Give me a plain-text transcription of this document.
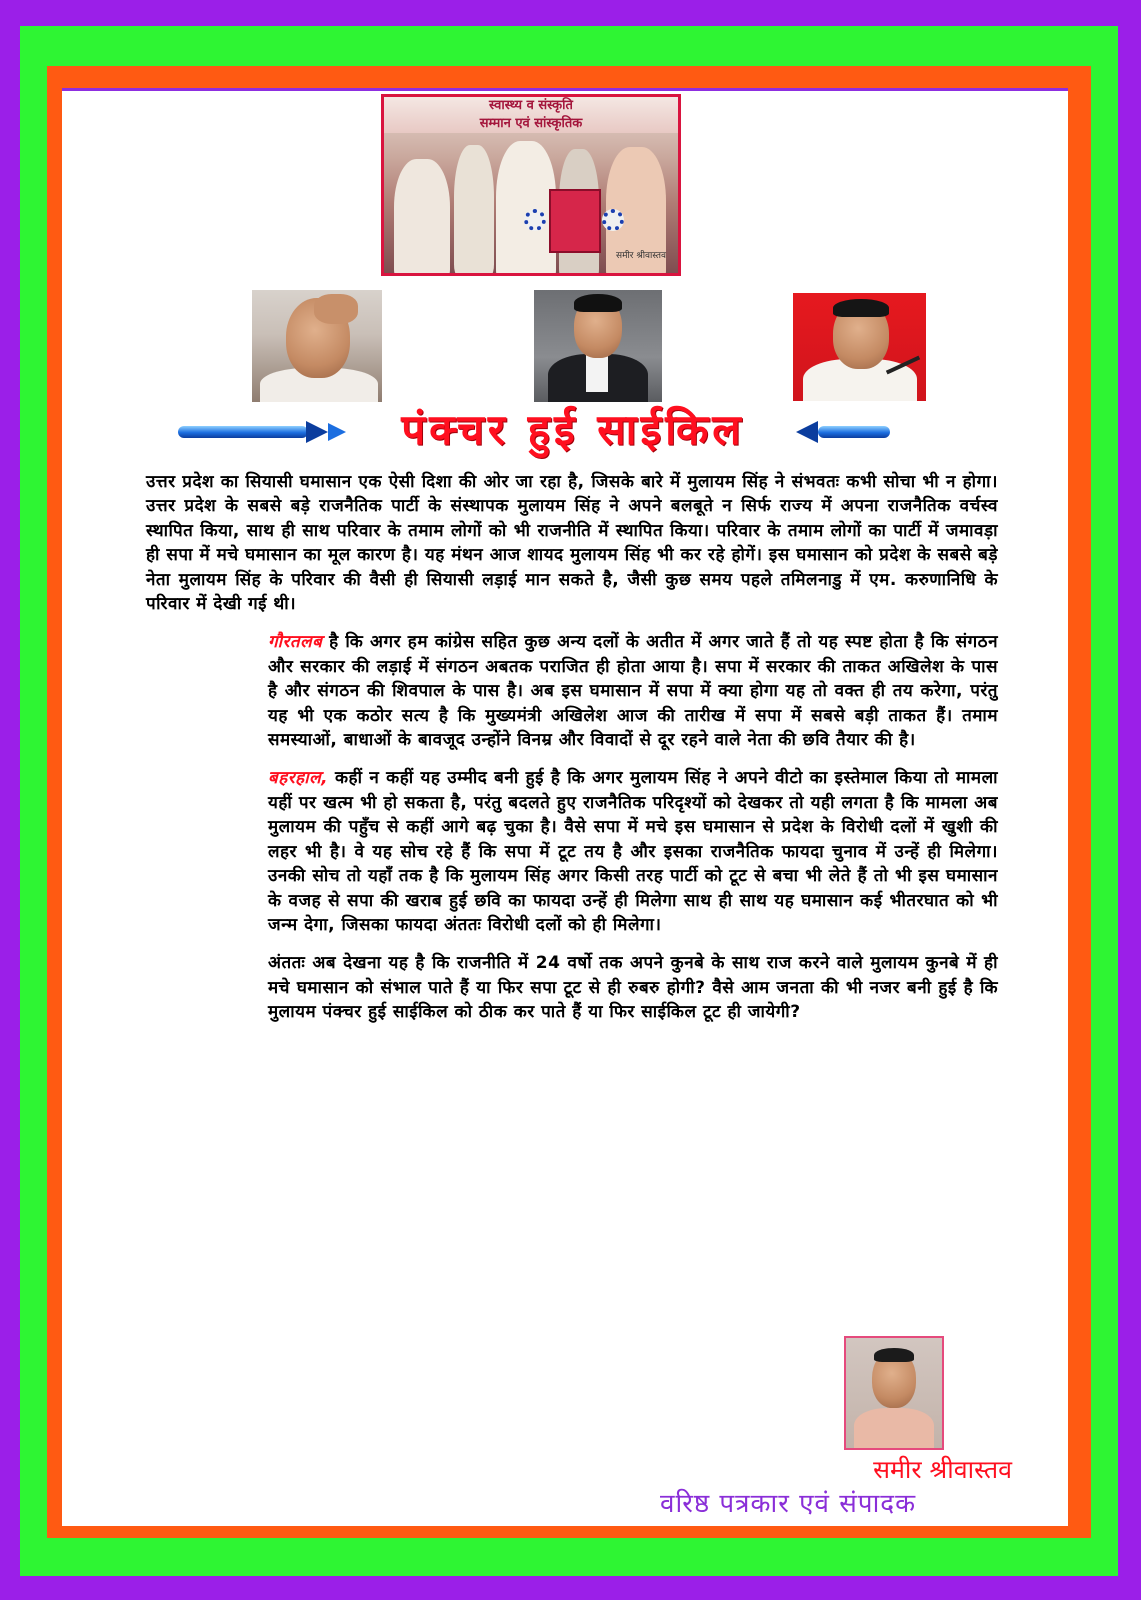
स्वास्थ्य व संस्कृति
सम्मान एवं सांस्कृतिक
समीर श्रीवास्तव
पंक्चर हुई साईकिल

उत्तर प्रदेश का सियासी घमासान एक ऐसी दिशा की ओर जा रहा है, जिसके बारे में मुलायम सिंह ने संभवतः कभी सोचा भी न होगा। उत्तर प्रदेश के सबसे बड़े राजनैतिक पार्टी के संस्थापक मुलायम सिंह ने अपने बलबूते न सिर्फ राज्य में अपना राजनैतिक वर्चस्व स्थापित किया, साथ ही साथ परिवार के तमाम लोगों को भी राजनीति में स्थापित किया। परिवार के तमाम लोगों का पार्टी में जमावड़ा ही सपा में मचे घमासान का मूल कारण है। यह मंथन आज शायद मुलायम सिंह भी कर रहे होगें। इस घमासान को प्रदेश के सबसे बड़े नेता मुलायम सिंह के परिवार की वैसी ही सियासी लड़ाई मान सकते है, जैसी कुछ समय पहले तमिलनाडु में एम. करुणानिधि के परिवार में देखी गई थी।

गौरतलब है कि अगर हम कांग्रेस सहित कुछ अन्य दलों के अतीत में अगर जाते हैं तो यह स्पष्ट होता है कि संगठन और सरकार की लड़ाई में संगठन अबतक पराजित ही होता आया है। सपा में सरकार की ताकत अखिलेश के पास है और संगठन की शिवपाल के पास है। अब इस घमासान में सपा में क्या होगा यह तो वक्त ही तय करेगा, परंतु यह भी एक कठोर सत्य है कि मुख्यमंत्री अखिलेश आज की तारीख में सपा में सबसे बड़ी ताकत हैं। तमाम समस्याओं, बाधाओं के बावजूद उन्होंने विनम्र और विवादों से दूर रहने वाले नेता की छवि तैयार की है।

बहरहाल, कहीं न कहीं यह उम्मीद बनी हुई है कि अगर मुलायम सिंह ने अपने वीटो का इस्तेमाल किया तो मामला यहीं पर खत्म भी हो सकता है, परंतु बदलते हुए राजनैतिक परिदृश्यों को देखकर तो यही लगता है कि मामला अब मुलायम की पहुँच से कहीं आगे बढ़ चुका है। वैसे सपा में मचे इस घमासान से प्रदेश के विरोधी दलों में खुशी की लहर भी है। वे यह सोच रहे हैं कि सपा में टूट तय है और इसका राजनैतिक फायदा चुनाव में उन्हें ही मिलेगा। उनकी सोच तो यहाँ तक है कि मुलायम सिंह अगर किसी तरह पार्टी को टूट से बचा भी लेते हैं तो भी इस घमासान के वजह से सपा की खराब हुई छवि का फायदा उन्हें ही मिलेगा साथ ही साथ यह घमासान कई भीतरघात को भी जन्म देगा, जिसका फायदा अंततः विरोधी दलों को ही मिलेगा।

अंततः अब देखना यह है कि राजनीति में 24 वर्षो तक अपने कुनबे के साथ राज करने वाले मुलायम कुनबे में ही मचे घमासान को संभाल पाते हैं या फिर सपा टूट से ही रुबरु होगी? वैसे आम जनता की भी नजर बनी हुई है कि मुलायम पंक्चर हुई साईकिल को ठीक कर पाते हैं या फिर साईकिल टूट ही जायेगी?

समीर श्रीवास्तव
वरिष्ठ पत्रकार एवं संपादक
